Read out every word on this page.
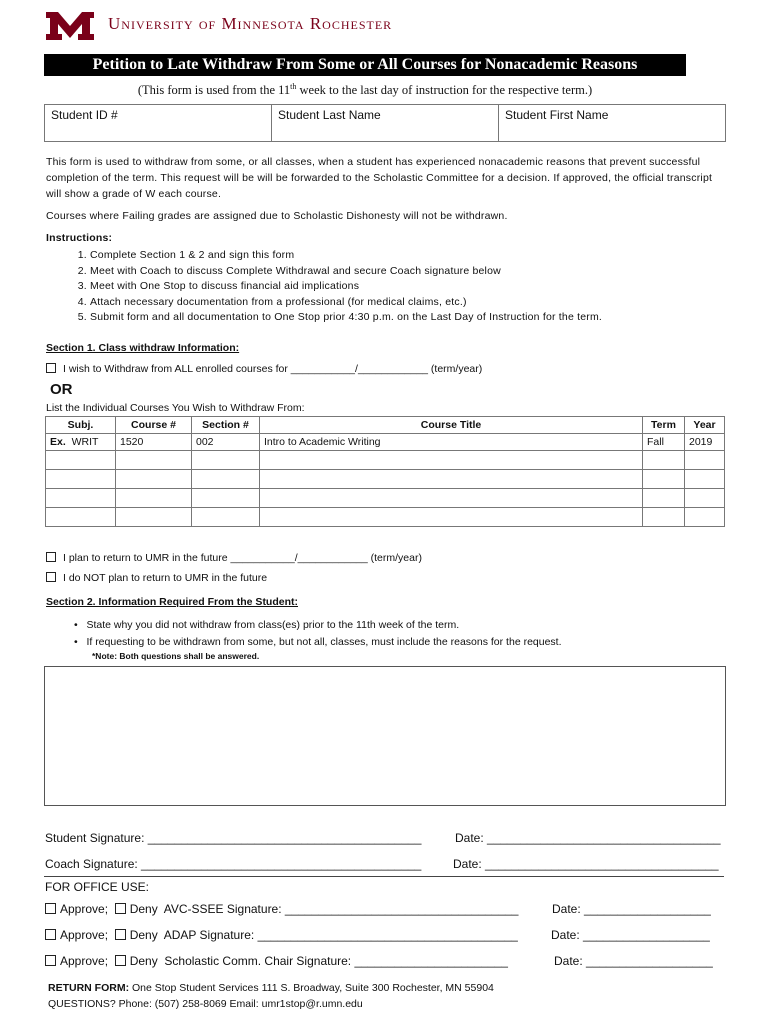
University of Minnesota Rochester
Petition to Late Withdraw From Some or All Courses for Nonacademic Reasons
(This form is used from the 11th week to the last day of instruction for the respective term.)
Student ID #	Student Last Name	Student First Name
This form is used to withdraw from some, or all classes, when a student has experienced nonacademic reasons that prevent successful completion of the term. This request will be will be forwarded to the Scholastic Committee for a decision. If approved, the official transcript will show a grade of W each course.
Courses where Failing grades are assigned due to Scholastic Dishonesty will not be withdrawn.
Instructions:
1. Complete Section 1 & 2 and sign this form
2. Meet with Coach to discuss Complete Withdrawal and secure Coach signature below
3. Meet with One Stop to discuss financial aid implications
4. Attach necessary documentation from a professional (for medical claims, etc.)
5. Submit form and all documentation to One Stop prior 4:30 p.m. on the Last Day of Instruction for the term.
Section 1. Class withdraw Information:
I wish to Withdraw from ALL enrolled courses for ___________/____________ (term/year)
OR
List the Individual Courses You Wish to Withdraw From:
Subj.	Course #	Section #	Course Title	Term	Year
Ex. WRIT	1520	002	Intro to Academic Writing	Fall	2019

I plan to return to UMR in the future ___________/____________ (term/year)
I do NOT plan to return to UMR in the future
Section 2. Information Required From the Student:
•   State why you did not withdraw from class(es) prior to the 11th week of the term.
•   If requesting to be withdrawn from some, but not all, classes, must include the reasons for the request.
*Note: Both questions shall be answered.
Student Signature: _________________________________________	Date: ___________________________________
Coach Signature: __________________________________________	Date: ___________________________________
FOR OFFICE USE:
Approve; Deny AVC-SSEE Signature: ___________________________________	Date: ___________________
Approve; Deny ADAP Signature: _______________________________________	Date: ___________________
Approve; Deny Scholastic Comm. Chair Signature: _______________________	Date: ___________________
RETURN FORM: One Stop Student Services 111 S. Broadway, Suite 300 Rochester, MN 55904
QUESTIONS? Phone: (507) 258-8069 Email: umr1stop@r.umn.edu
